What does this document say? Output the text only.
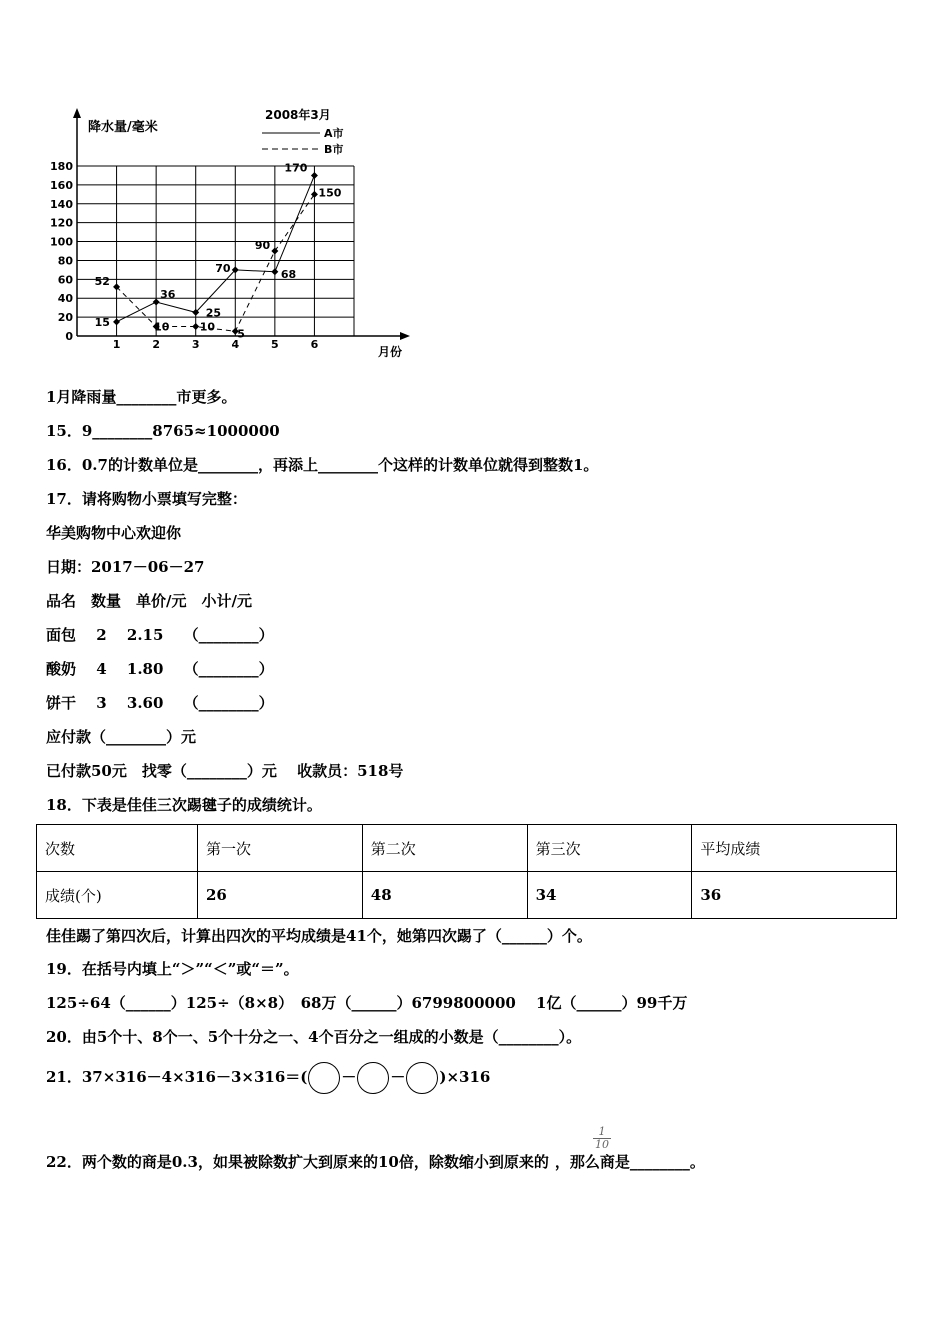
0
20
40
60
80
100
120
140
160
180
1	2	3	4	5	6
降水量/毫米
月份
2008年3月
A市
B市
15
36
25
70	68
170
52
10	10
5
90
150
1月降雨量________市更多。
15．9________8765≈1000000
16．0.7的计数单位是________，再添上________个这样的计数单位就得到整数1。
17．请将购物小票填写完整：
华美购物中心欢迎你
日期：2017－06－27
品名　数量　单价/元　小计/元
面包　 2　 2.15　 （________）
酸奶　 4　 1.80　 （________）
饼干　 3　 3.60　 （________）
应付款（________）元
已付款50元　找零（________）元　 收款员：518号
18．下表是佳佳三次踢毽子的成绩统计。
次数	第一次	第二次	第三次	平均成绩
成绩(个)	26	48	34	36
佳佳踢了第四次后，计算出四次的平均成绩是41个，她第四次踢了（______）个。
19．在括号内填上“＞”“＜”或“＝”。
125÷64（______）125÷（8×8）　68万（______）6799800000　 1亿（______）99千万
20．由5个十、8个一、5个十分之一、4个百分之一组成的小数是（________）。
21．37×316－4×316－3×316＝( － － )×316
$\frac{1}{10}$
22．两个数的商是0.3，如果被除数扩大到原来的10倍，除数缩小到原来的 ，那么商是________。
